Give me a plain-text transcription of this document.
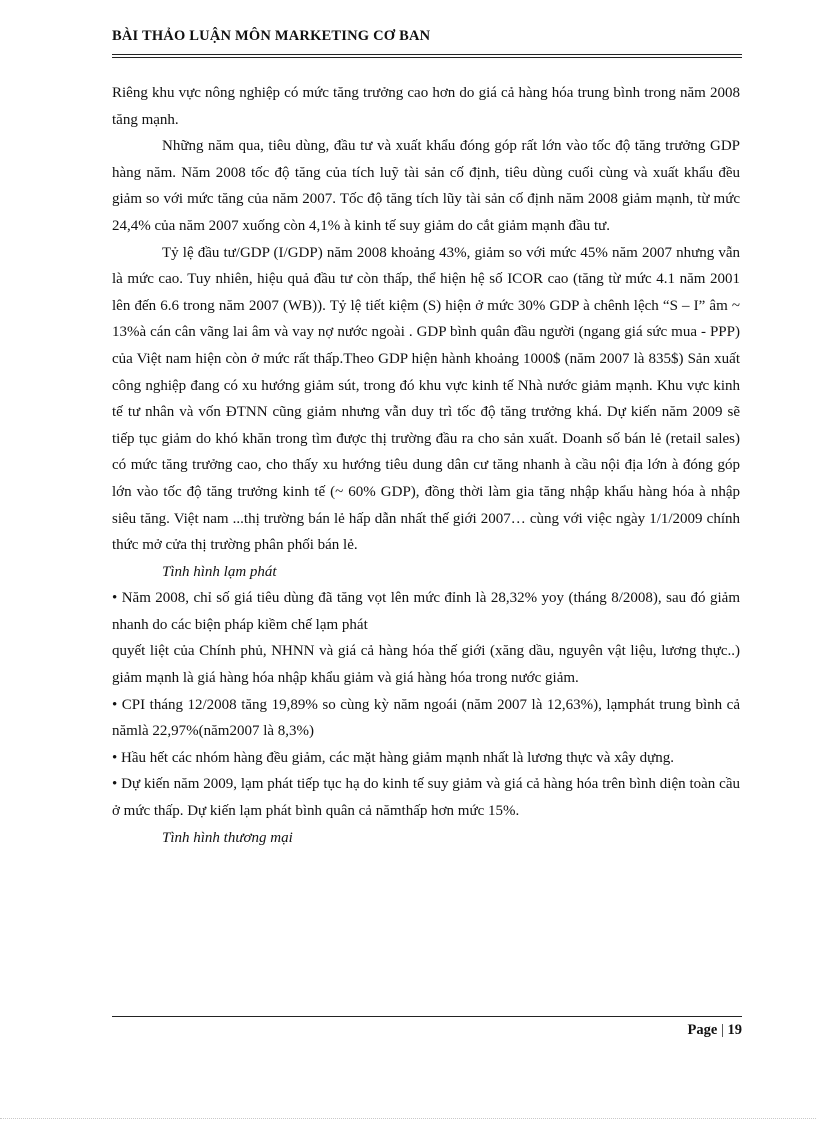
BÀI THẢO LUẬN MÔN MARKETING CƠ BAN

Riêng khu vực nông nghiệp có mức tăng trưởng cao hơn do giá cả hàng hóa trung bình trong năm 2008 tăng mạnh.

Những năm qua, tiêu dùng, đầu tư và xuất khẩu đóng góp rất lớn vào tốc độ tăng trưởng GDP hàng năm. Năm 2008 tốc độ tăng của tích luỹ tài sản cố định, tiêu dùng cuối cùng và xuất khẩu đều giảm so với mức tăng của năm 2007. Tốc độ tăng tích lũy tài sản cố định năm 2008 giảm mạnh, từ mức 24,4% của năm 2007 xuống còn 4,1% à kinh tế suy giảm do cắt giảm mạnh đầu tư.

Tỷ lệ đầu tư/GDP (I/GDP) năm 2008 khoảng 43%, giảm so với mức 45% năm 2007 nhưng vẫn là mức cao. Tuy nhiên, hiệu quả đầu tư còn thấp, thể hiện hệ số ICOR cao (tăng từ mức 4.1 năm 2001 lên đến 6.6 trong năm 2007 (WB)). Tỷ lệ tiết kiệm (S) hiện ở mức 30% GDP à chênh lệch “S – I” âm ~ 13%à cán cân vãng lai âm và vay nợ nước ngoài . GDP bình quân đầu người (ngang giá sức mua - PPP) của Việt nam hiện còn ở mức rất thấp.Theo GDP hiện hành khoảng 1000$ (năm 2007 là 835$) Sản xuất công nghiệp đang có xu hướng giảm sút, trong đó khu vực kinh tế Nhà nước giảm mạnh. Khu vực kinh tế tư nhân và vốn ĐTNN cũng giảm nhưng vẫn duy trì tốc độ tăng trưởng khá. Dự kiến năm 2009 sẽ tiếp tục giảm do khó khăn trong tìm được thị trường đầu ra cho sản xuất. Doanh số bán lẻ (retail sales) có mức tăng trưởng cao, cho thấy xu hướng tiêu dung dân cư tăng nhanh à cầu nội địa lớn à đóng góp lớn vào tốc độ tăng trưởng kinh tế (~ 60% GDP), đồng thời làm gia tăng nhập khẩu hàng hóa à nhập siêu tăng. Việt nam ...thị trường bán lẻ hấp dẫn nhất thế giới 2007… cùng với việc ngày 1/1/2009 chính thức mở cửa thị trường phân phối bán lẻ.

Tình hình lạm phát

• Năm 2008, chỉ số giá tiêu dùng đã tăng vọt lên mức đỉnh là 28,32% yoy (tháng 8/2008), sau đó giảm nhanh do các biện pháp kiềm chế lạm phát

quyết liệt của Chính phủ, NHNN và giá cả hàng hóa thế giới (xăng dầu, nguyên vật liệu, lương thực..) giảm mạnh là giá hàng hóa nhập khẩu giảm và giá hàng hóa trong nước giảm.

• CPI tháng 12/2008 tăng 19,89% so cùng kỳ năm ngoái (năm 2007 là 12,63%), lạmphát trung bình cả nămlà 22,97%(năm2007 là 8,3%)

• Hầu hết các nhóm hàng đều giảm, các mặt hàng giảm mạnh nhất là lương thực và xây dựng.

• Dự kiến năm 2009, lạm phát tiếp tục hạ do kinh tế suy giảm và giá cả hàng hóa trên bình diện toàn cầu ở mức thấp. Dự kiến lạm phát bình quân cả nămthấp hơn mức 15%.

Tình hình thương mại

Page | 19
